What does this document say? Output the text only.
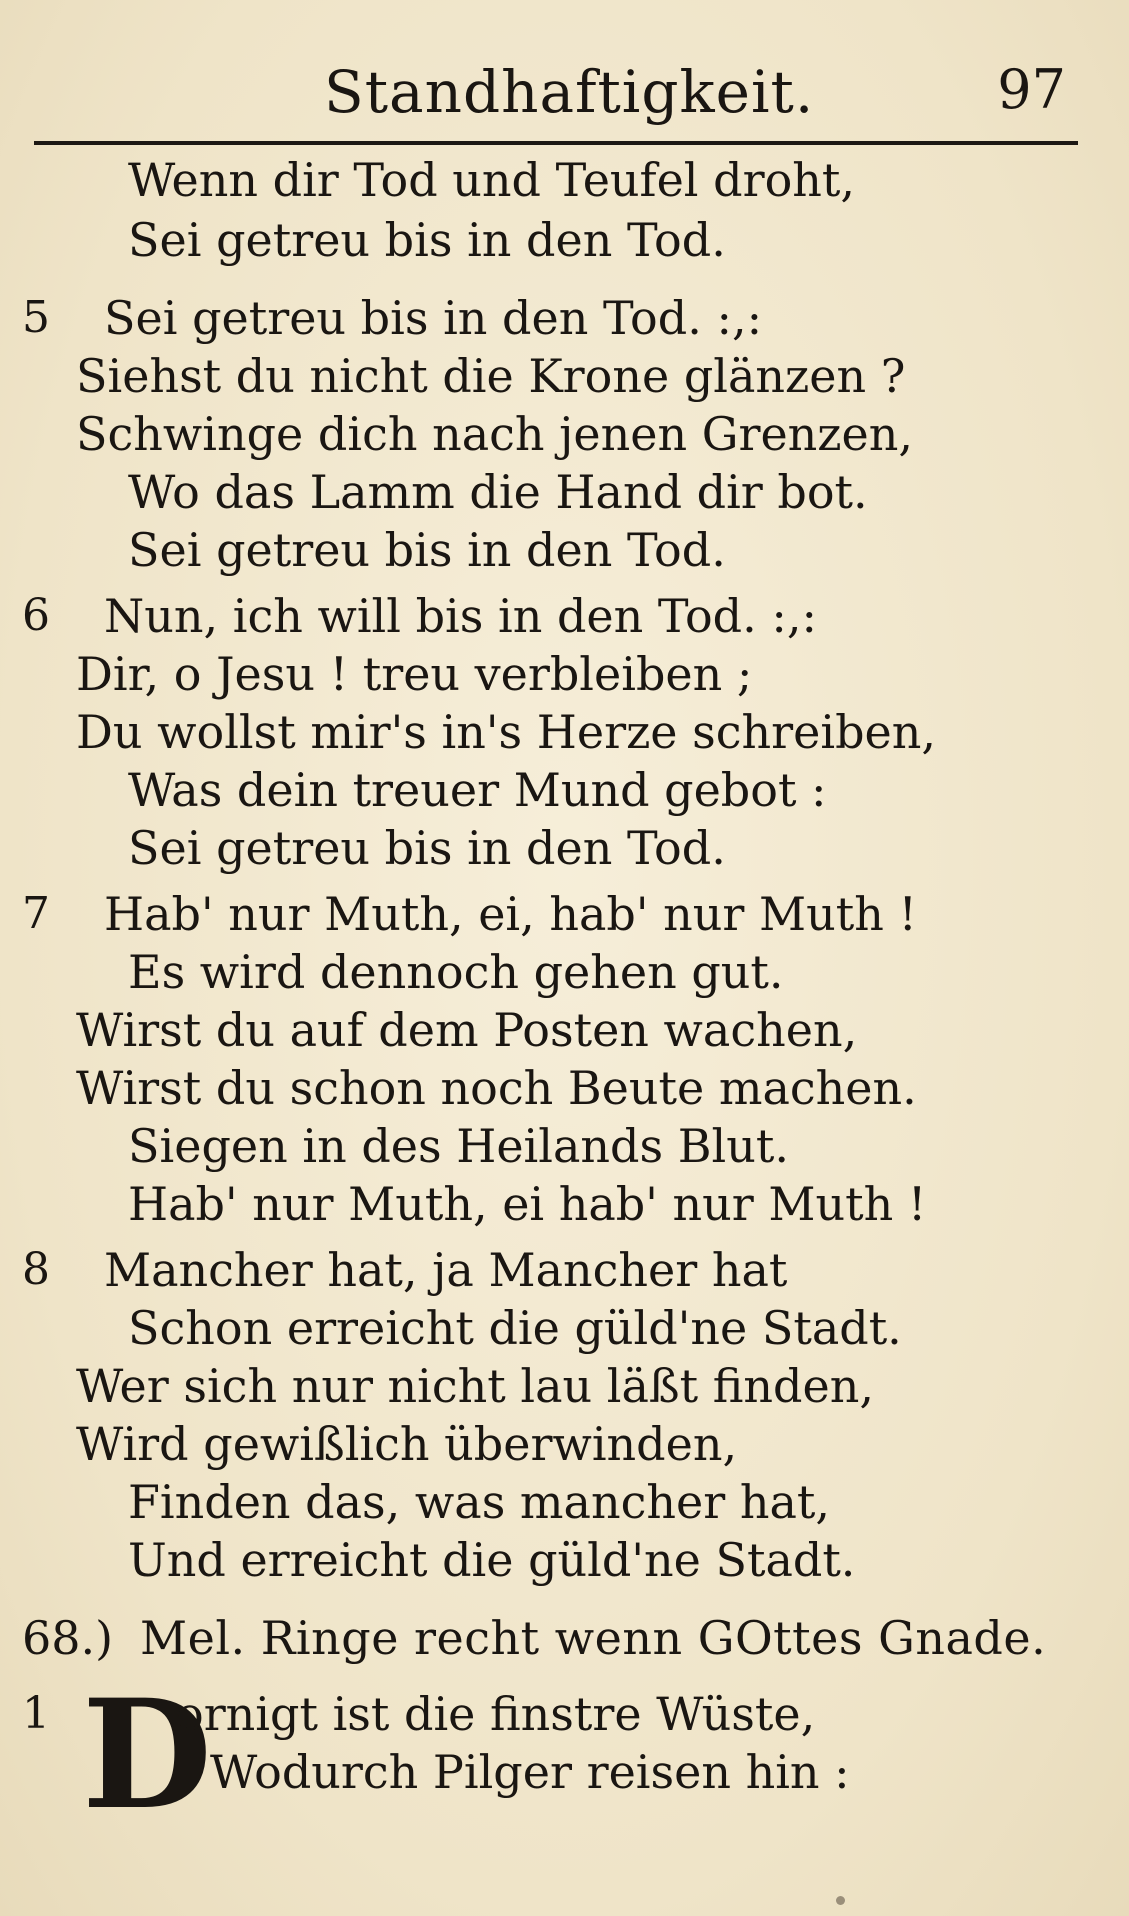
Standhaftigkeit.	97
Wenn dir Tod und Teufel droht,
Sei getreu bis in den Tod.
5 Sei getreu bis in den Tod. :,:
Siehst du nicht die Krone glänzen ?
Schwinge dich nach jenen Grenzen,
Wo das Lamm die Hand dir bot.
Sei getreu bis in den Tod.
6 Nun, ich will bis in den Tod. :,:
Dir, o Jesu ! treu verbleiben ;
Du wollst mir's in's Herze schreiben,
Was dein treuer Mund gebot :
Sei getreu bis in den Tod.
7 Hab' nur Muth, ei, hab' nur Muth !
Es wird dennoch gehen gut.
Wirst du auf dem Posten wachen,
Wirst du schon noch Beute machen.
Siegen in des Heilands Blut.
Hab' nur Muth, ei hab' nur Muth !
8 Mancher hat, ja Mancher hat
Schon erreicht die güld'ne Stadt.
Wer sich nur nicht lau läßt finden,
Wird gewißlich überwinden,
Finden das, was mancher hat,
Und erreicht die güld'ne Stadt.
68.) Mel. Ringe recht wenn GOttes Gnade.
1 D
ornigt ist die finstre Wüste,
Wodurch Pilger reisen hin :
